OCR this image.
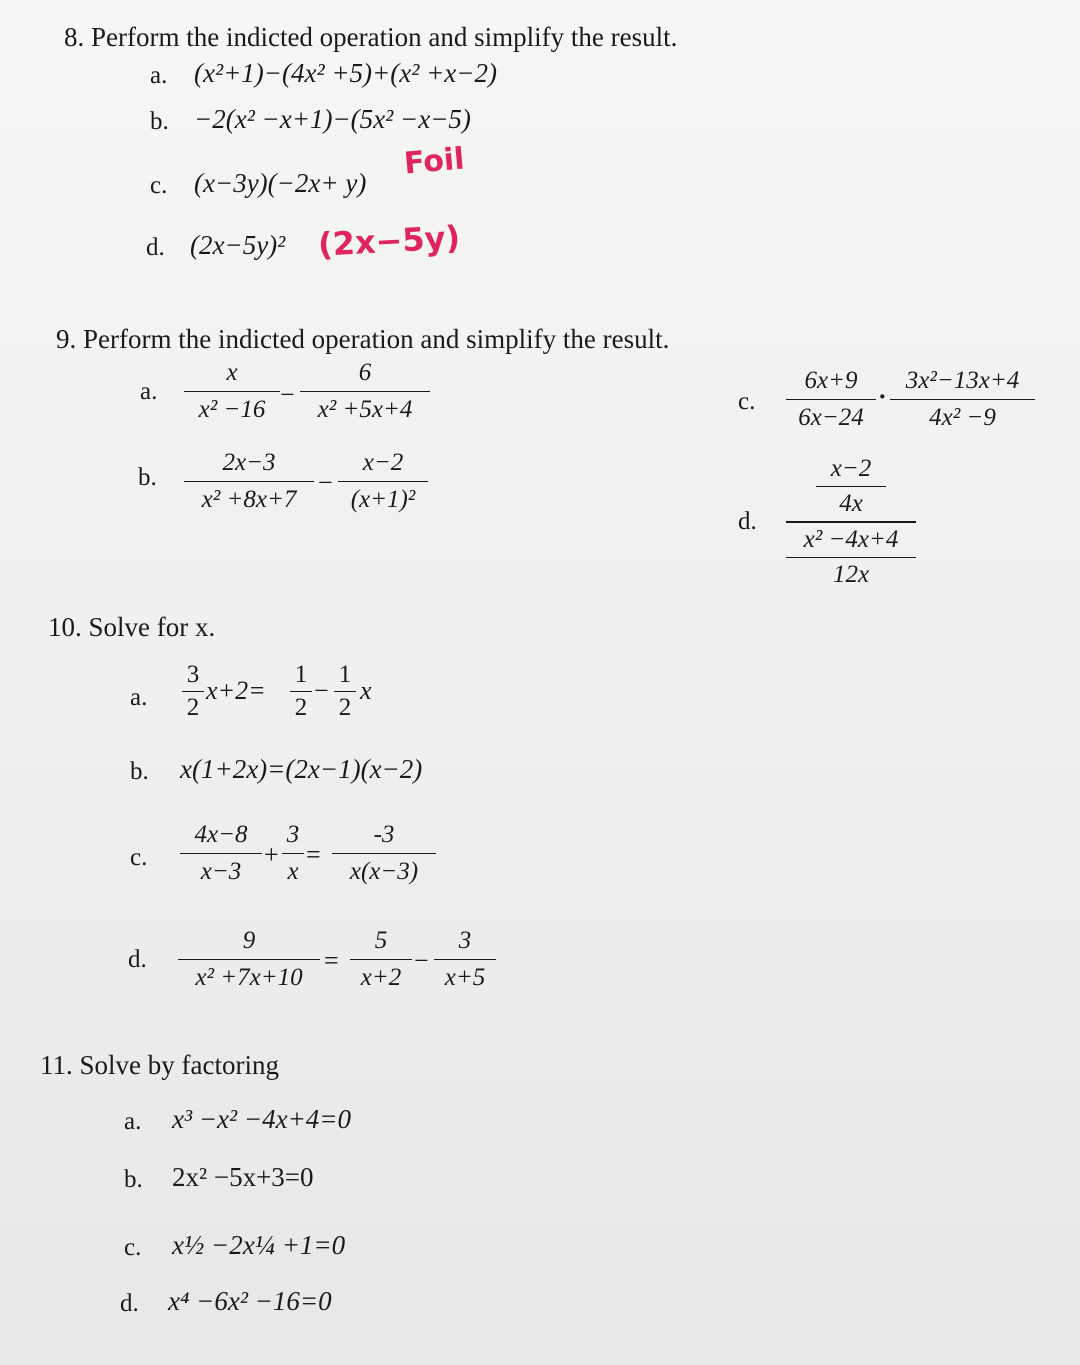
8. Perform the indicted operation and simplify the result.
a. (x²+1)−(4x² +5)+(x² +x−2)
b. −2(x² −x+1)−(5x² −x−5)
c. (x−3y)(−2x+ y)
Foil
d. (2x−5y)² (2x−5y)
9. Perform the indicted operation and simplify the result.
a.
x
x² −16
−
6
x² +5x+4
b.
2x−3
x² +8x+7
−
x−2
(x+1)²
c.
6x+9
6x−24
·
3x²−13x+4
4x² −9
d.
x−2
4x
x² −4x+4
12x
10. Solve for x.
a.
3
2
x+2=
1
2
−
1
2
x
b. x(1+2x)=(2x−1)(x−2)
c.
4x−8
x−3
+
3
x
=
-3
x(x−3)
d.
9
x² +7x+10
=
5
x+2
−
3
x+5
11. Solve by factoring
a. x³ −x² −4x+4=0
b. 2x² −5x+3=0
c. x½ −2x¼ +1=0
d. x⁴ −6x² −16=0
